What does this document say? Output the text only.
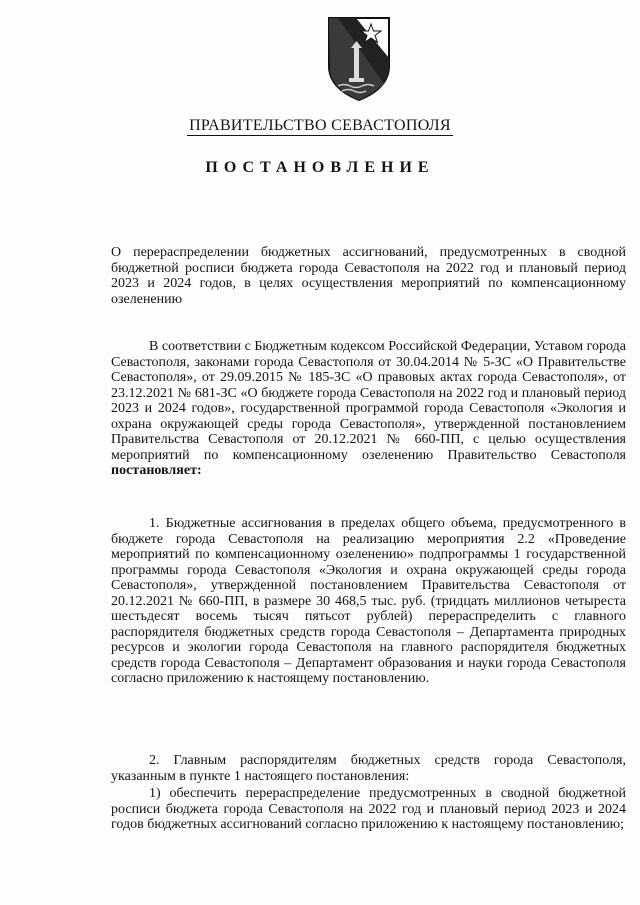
ПРАВИТЕЛЬСТВО СЕВАСТОПОЛЯ
ПОСТАНОВЛЕНИЕ
О перераспределении бюджетных ассигнований, предусмотренных в сводной бюджетной росписи бюджета города Севастополя на 2022 год и плановый период 2023 и 2024 годов, в целях осуществления мероприятий по компенсационному озеленению
В соответствии с Бюджетным кодексом Российской Федерации, Уставом города Севастополя, законами города Севастополя от 30.04.2014 № 5-ЗС «О Правительстве Севастополя», от 29.09.2015 № 185-ЗС «О правовых актах города Севастополя», от 23.12.2021 № 681-ЗС «О бюджете города Севастополя на 2022 год и плановый период 2023 и 2024 годов», государственной программой города Севастополя «Экология и охрана окружающей среды города Севастополя», утвержденной постановлением Правительства Севастополя от 20.12.2021 № 660-ПП, с целью осуществления мероприятий по компенсационному озеленению Правительство Севастополя постановляет:
1. Бюджетные ассигнования в пределах общего объема, предусмотренного в бюджете города Севастополя на реализацию мероприятия 2.2 «Проведение мероприятий по компенсационному озеленению» подпрограммы 1 государственной программы города Севастополя «Экология и охрана окружающей среды города Севастополя», утвержденной постановлением Правительства Севастополя от 20.12.2021 № 660-ПП, в размере 30 468,5 тыс. руб. (тридцать миллионов четыреста шестьдесят восемь тысяч пятьсот рублей) перераспределить с главного распорядителя бюджетных средств города Севастополя – Департамента природных ресурсов и экологии города Севастополя на главного распорядителя бюджетных средств города Севастополя – Департамент образования и науки города Севастополя согласно приложению к настоящему постановлению.
2. Главным распорядителям бюджетных средств города Севастополя, указанным в пункте 1 настоящего постановления:
1) обеспечить перераспределение предусмотренных в сводной бюджетной росписи бюджета города Севастополя на 2022 год и плановый период 2023 и 2024 годов бюджетных ассигнований согласно приложению к настоящему постановлению;
